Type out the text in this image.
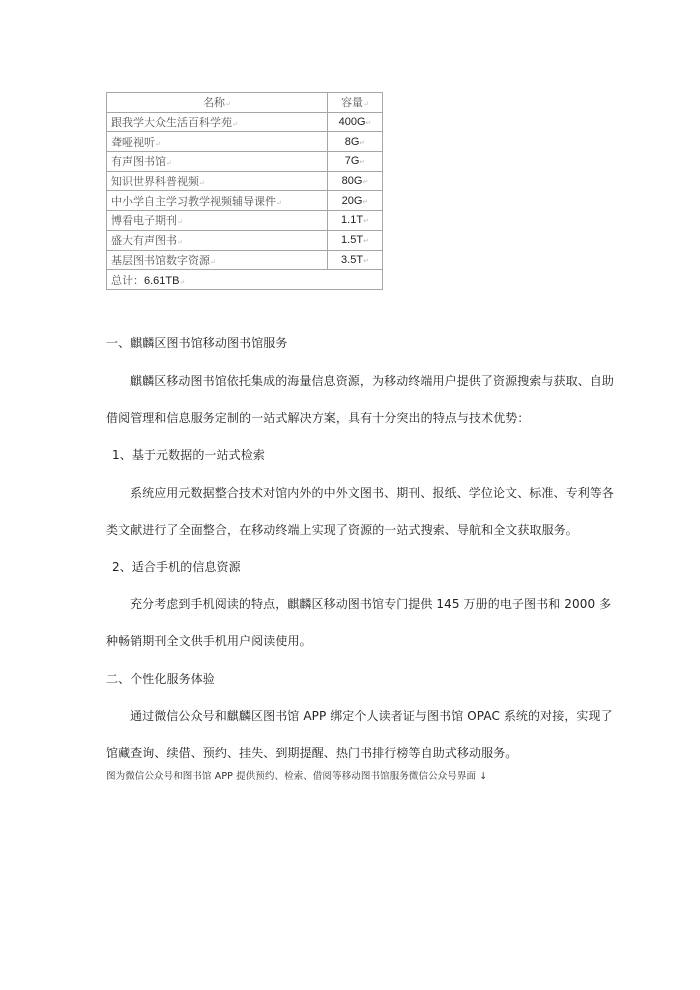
名称↵	容量↵
跟我学大众生活百科学苑↵	400G↵
聋哑视听↵	8G↵
有声图书馆↵	7G↵
知识世界科普视频↵	80G↵
中小学自主学习教学视频辅导课件↵	20G↵
博看电子期刊↵	1.1T↵
盛大有声图书↵	1.5T↵
基层图书馆数字资源↵	3.5T↵
总计：6.61TB↵	
一、麒麟区图书馆移动图书馆服务
麒麟区移动图书馆依托集成的海量信息资源，为移动终端用户提供了资源搜索与获取、自助
借阅管理和信息服务定制的一站式解决方案，具有十分突出的特点与技术优势：
1、基于元数据的一站式检索
系统应用元数据整合技术对馆内外的中外文图书、期刊、报纸、学位论文、标准、专利等各
类文献进行了全面整合，在移动终端上实现了资源的一站式搜索、导航和全文获取服务。
2、适合手机的信息资源
充分考虑到手机阅读的特点，麒麟区移动图书馆专门提供 145 万册的电子图书和 2000 多
种畅销期刊全文供手机用户阅读使用。
二、个性化服务体验
通过微信公众号和麒麟区图书馆 APP 绑定个人读者证与图书馆 OPAC 系统的对接，实现了
馆藏查询、续借、预约、挂失、到期提醒、热门书排行榜等自助式移动服务。
图为微信公众号和图书馆 APP 提供预约、检索、借阅等移动图书馆服务微信公众号界面 ↓
